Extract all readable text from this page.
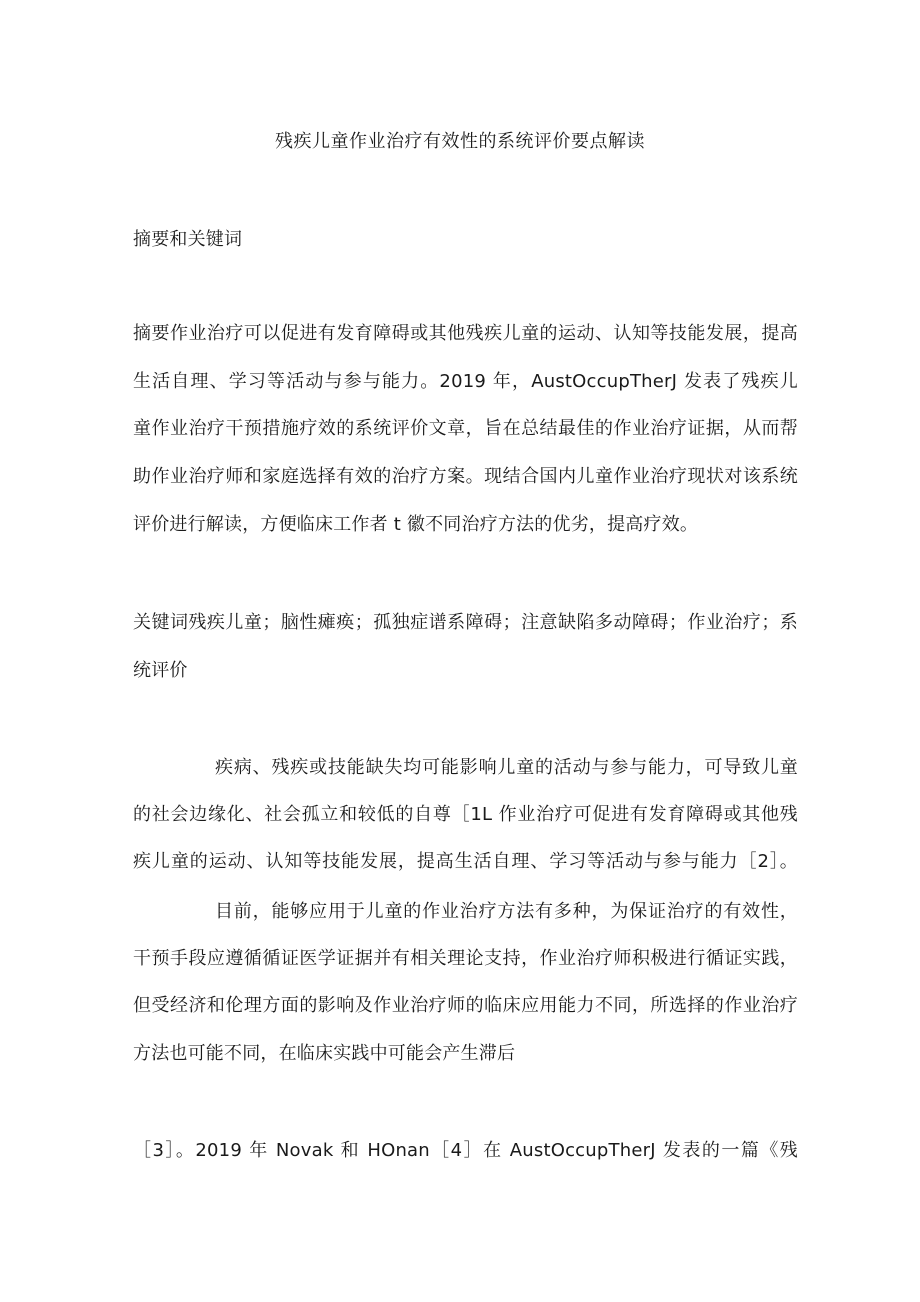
残疾儿童作业治疗有效性的系统评价要点解读
摘要和关键词
摘要作业治疗可以促进有发育障碍或其他残疾儿童的运动、认知等技能发展，提高
生活自理、学习等活动与参与能力。2019 年，AustOccupTherJ 发表了残疾儿
童作业治疗干预措施疗效的系统评价文章，旨在总结最佳的作业治疗证据，从而帮
助作业治疗师和家庭选择有效的治疗方案。现结合国内儿童作业治疗现状对该系统
评价进行解读，方便临床工作者 t 徽不同治疗方法的优劣，提高疗效。
关键词残疾儿童；脑性瘫痪；孤独症谱系障碍；注意缺陷多动障碍；作业治疗；系
统评价
疾病、残疾或技能缺失均可能影响儿童的活动与参与能力，可导致儿童
的社会边缘化、社会孤立和较低的自尊［1L 作业治疗可促进有发育障碍或其他残
疾儿童的运动、认知等技能发展，提高生活自理、学习等活动与参与能力［2］。
目前，能够应用于儿童的作业治疗方法有多种，为保证治疗的有效性，
干预手段应遵循循证医学证据并有相关理论支持，作业治疗师积极进行循证实践，
但受经济和伦理方面的影响及作业治疗师的临床应用能力不同，所选择的作业治疗
方法也可能不同，在临床实践中可能会产生滞后
［3］。2019 年 Novak 和 HOnan［4］在 AustOccupTherJ 发表的一篇《残
